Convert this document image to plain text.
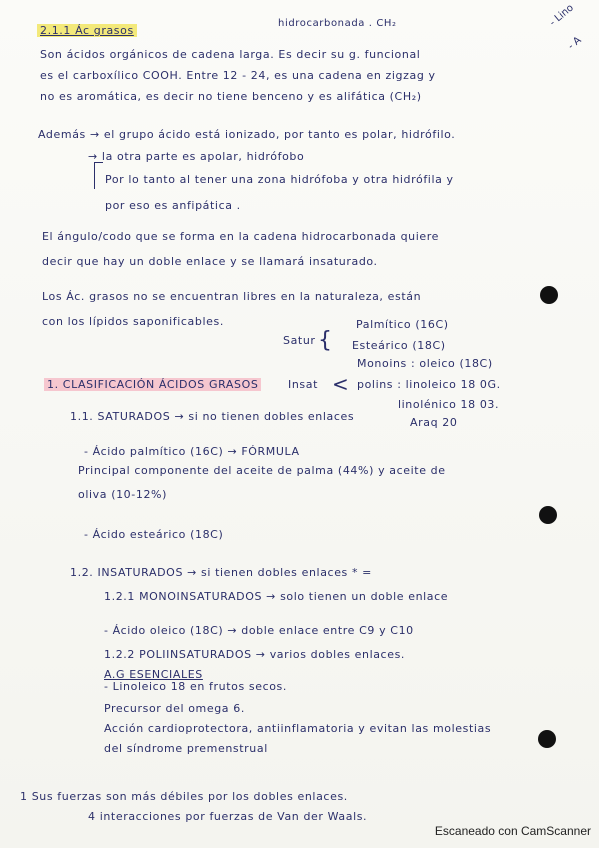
- Lino
- A
2.1.1 Ác grasos
hidrocarbonada . CH₂
Son ácidos orgánicos de cadena larga. Es decir su g. funcional
es el carboxílico COOH. Entre 12 - 24, es una cadena en zigzag y
no es aromática, es decir no tiene benceno y es alifática (CH₂)
Además → el grupo ácido está ionizado, por tanto es polar, hidrófilo.
→ la otra parte es apolar, hidrófobo
Por lo tanto al tener una zona hidrófoba y otra hidrófila y
por eso es anfipática .
El ángulo/codo que se forma en la cadena hidrocarbonada quiere
decir que hay un doble enlace y se llamará insaturado.
Los Ác. grasos no se encuentran libres en la naturaleza, están
con los lípidos saponificables.
Satur {
Palmítico (16C)
Esteárico (18C)
Insat <
Monoins : oleico (18C)
polins : linoleico 18 0G.
linolénico 18 03.
Araq 20
1. CLASIFICACIÓN ÁCIDOS GRASOS
1.1. SATURADOS → si no tienen dobles enlaces
- Ácido palmítico (16C) → FÓRMULA
Principal componente del aceite de palma (44%) y aceite de
oliva (10-12%)
- Ácido esteárico (18C)
1.2. INSATURADOS → si tienen dobles enlaces * =
1.2.1 MONOINSATURADOS → solo tienen un doble enlace
- Ácido oleico (18C) → doble enlace entre C9 y C10
1.2.2 POLIINSATURADOS → varios dobles enlaces.
A.G ESENCIALES
- Linoleico 18 en frutos secos.
Precursor del omega 6.
Acción cardioprotectora, antiinflamatoria y evitan las molestias
del síndrome premenstrual
1 Sus fuerzas son más débiles por los dobles enlaces.
4 interacciones por fuerzas de Van der Waals.
Escaneado con CamScanner
